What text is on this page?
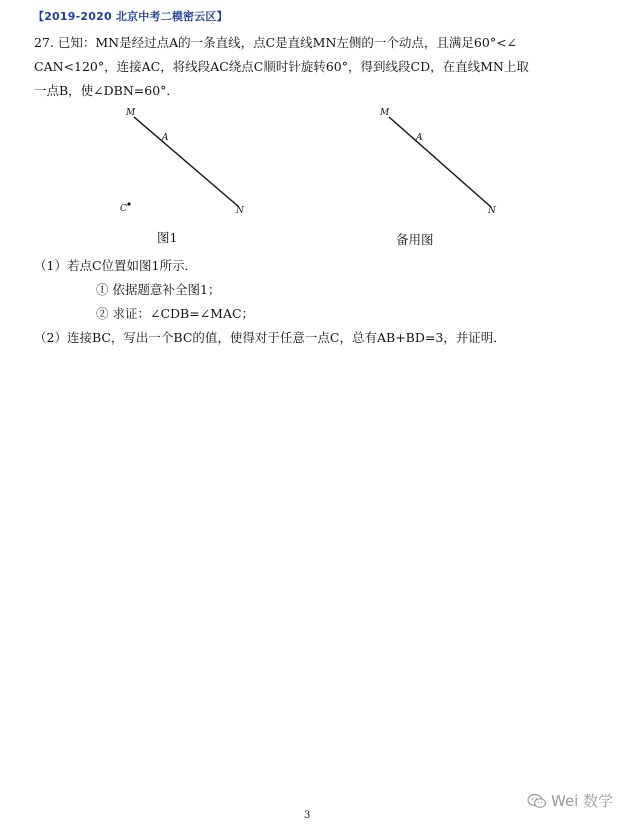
【2019-2020 北京中考二模密云区】
27. 已知：MN是经过点A的一条直线，点C是直线MN左侧的一个动点，且满足60°<∠
CAN<120°，连接AC，将线段AC绕点C顺时针旋转60°，得到线段CD，在直线MN上取
一点B，使∠DBN=60°．
M
A
N
C
图1
M
A
N
备用图
（1）若点C位置如图1所示．
① 依据题意补全图1；
② 求证：∠CDB=∠MAC；
（2）连接BC，写出一个BC的值，使得对于任意一点C，总有AB+BD=3，并证明．
3
Wei 数学
